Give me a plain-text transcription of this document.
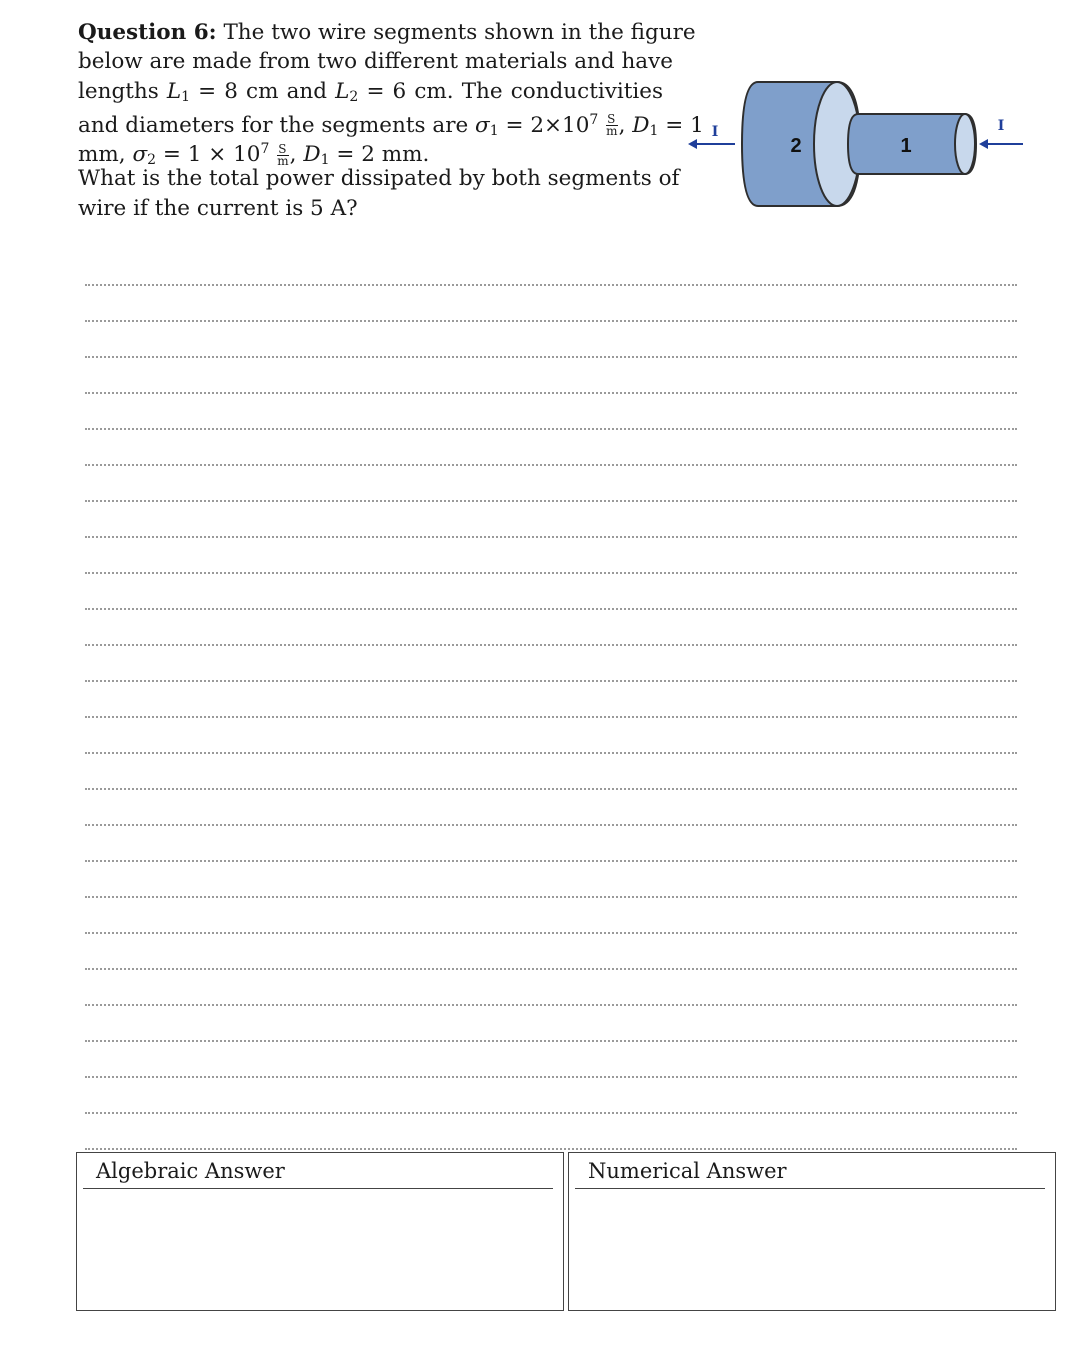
Question 6: The two wire segments shown in the figure
below are made from two different materials and have
lengths $L_1 = 8$ cm and $L_2 = 6$ cm. The conductivities
and diameters for the segments are $\sigma_1 = 2\times 10^7 \frac{S}{m}$ , $D_1 = 1$
mm, $\sigma_2 = 1 \times 10^7 \frac{S}{m}$ , $D_1 = 2$ mm.
What is the total power dissipated by both segments of
wire if the current is 5 A?
2	1
I	I
Algebraic Answer	Numerical Answer
